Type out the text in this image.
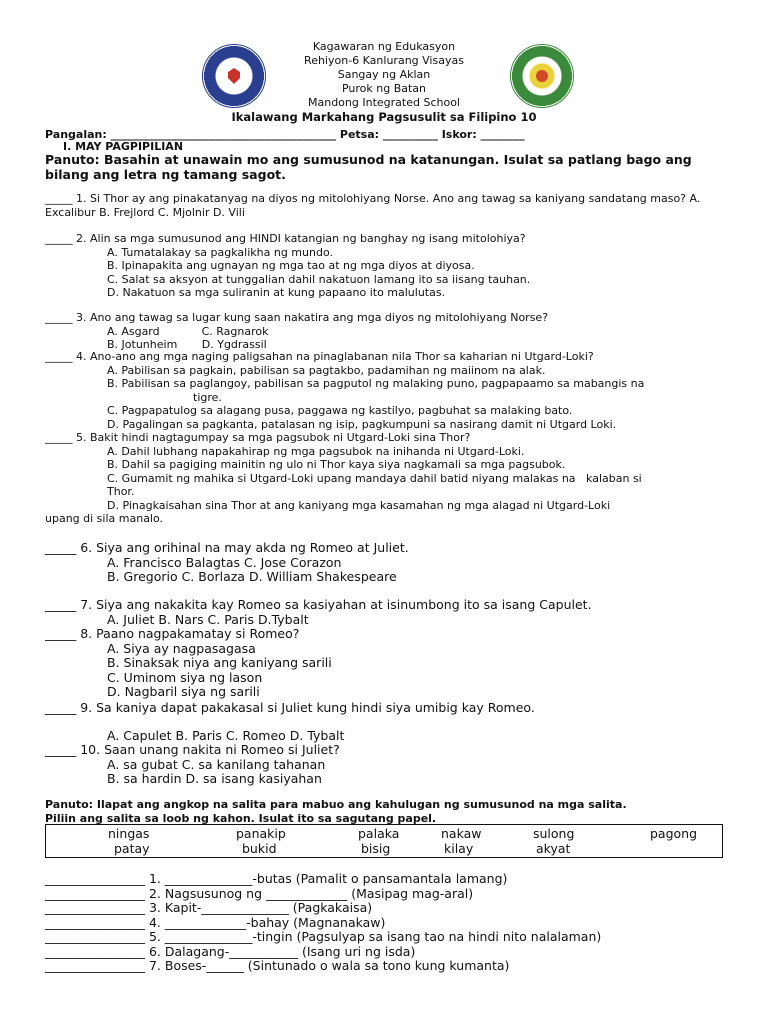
Kagawaran ng Edukasyon
Rehiyon-6 Kanlurang Visayas
Sangay ng Aklan
Purok ng Batan
Mandong Integrated School
Ikalawang Markahang Pagsusulit sa Filipino 10
Pangalan: _________________________________________ Petsa: __________ Iskor: ________
I. MAY PAGPIPILIAN
Panuto: Basahin at unawain mo ang sumusunod na katanungan. Isulat sa patlang bago ang bilang ang letra ng tamang sagot.
_____ 1. Si Thor ay ang pinakatanyag na diyos ng mitolohiyang Norse. Ano ang tawag sa kaniyang sandatang maso? A. Excalibur B. Frejlord C. Mjolnir D. Vili
_____ 2. Alin sa mga sumusunod ang HINDI katangian ng banghay ng isang mitolohiya?
A. Tumatalakay sa pagkalikha ng mundo.
B. Ipinapakita ang ugnayan ng mga tao at ng mga diyos at diyosa.
C. Salat sa aksyon at tunggalian dahil nakatuon lamang ito sa iisang tauhan.
D. Nakatuon sa mga suliranin at kung papaano ito malulutas.
_____ 3. Ano ang tawag sa lugar kung saan nakatira ang mga diyos ng mitolohiyang Norse?
A. Asgard            C. Ragnarok
B. Jotunheim       D. Ygdrassil
_____ 4. Ano-ano ang mga naging paligsahan na pinaglabanan nila Thor sa kaharian ni Utgard-Loki?
A. Pabilisan sa pagkain, pabilisan sa pagtakbo, padamihan ng maiinom na alak.
B. Pabilisan sa paglangoy, pabilisan sa pagputol ng malaking puno, pagpapaamo sa mabangis na
tigre.
C. Pagpapatulog sa alagang pusa, paggawa ng kastilyo, pagbuhat sa malaking bato.
D. Pagalingan sa pagkanta, patalasan ng isip, pagkumpuni sa nasirang damit ni Utgard Loki.
_____ 5. Bakit hindi nagtagumpay sa mga pagsubok ni Utgard-Loki sina Thor?
A. Dahil lubhang napakahirap ng mga pagsubok na inihanda ni Utgard-Loki.
B. Dahil sa pagiging mainitin ng ulo ni Thor kaya siya nagkamali sa mga pagsubok.
C. Gumamit ng mahika si Utgard-Loki upang mandaya dahil batid niyang malakas na   kalaban si
Thor.
D. Pinagkaisahan sina Thor at ang kaniyang mga kasamahan ng mga alagad ni Utgard-Loki
upang di sila manalo.
_____ 6. Siya ang orihinal na may akda ng Romeo at Juliet.
A. Francisco Balagtas C. Jose Corazon
B. Gregorio C. Borlaza D. William Shakespeare
_____ 7. Siya ang nakakita kay Romeo sa kasiyahan at isinumbong ito sa isang Capulet.
A. Juliet B. Nars C. Paris D.Tybalt
_____ 8. Paano nagpakamatay si Romeo?
A. Siya ay nagpasagasa
B. Sinaksak niya ang kaniyang sarili
C. Uminom siya ng lason
D. Nagbaril siya ng sarili
_____ 9. Sa kaniya dapat pakakasal si Juliet kung hindi siya umibig kay Romeo.
A. Capulet B. Paris C. Romeo D. Tybalt
_____ 10. Saan unang nakita ni Romeo si Juliet?
A. sa gubat C. sa kanilang tahanan
B. sa hardin D. sa isang kasiyahan
Panuto: Ilapat ang angkop na salita para mabuo ang kahulugan ng sumusunod na mga salita.
Piliin ang salita sa loob ng kahon. Isulat ito sa sagutang papel.
ningas	panakip	palaka	nakaw	sulong	pagong
patay	bukid	bisig	kilay	akyat
________________ 1. ______________-butas (Pamalit o pansamantala lamang)
________________ 2. Nagsusunog ng _____________ (Masipag mag-aral)
________________ 3. Kapit-______________ (Pagkakaisa)
________________ 4. _____________-bahay (Magnanakaw)
________________ 5. ______________-tingin (Pagsulyap sa isang tao na hindi nito nalalaman)
________________ 6. Dalagang-___________ (Isang uri ng isda)
________________ 7. Boses-______ (Sintunado o wala sa tono kung kumanta)
